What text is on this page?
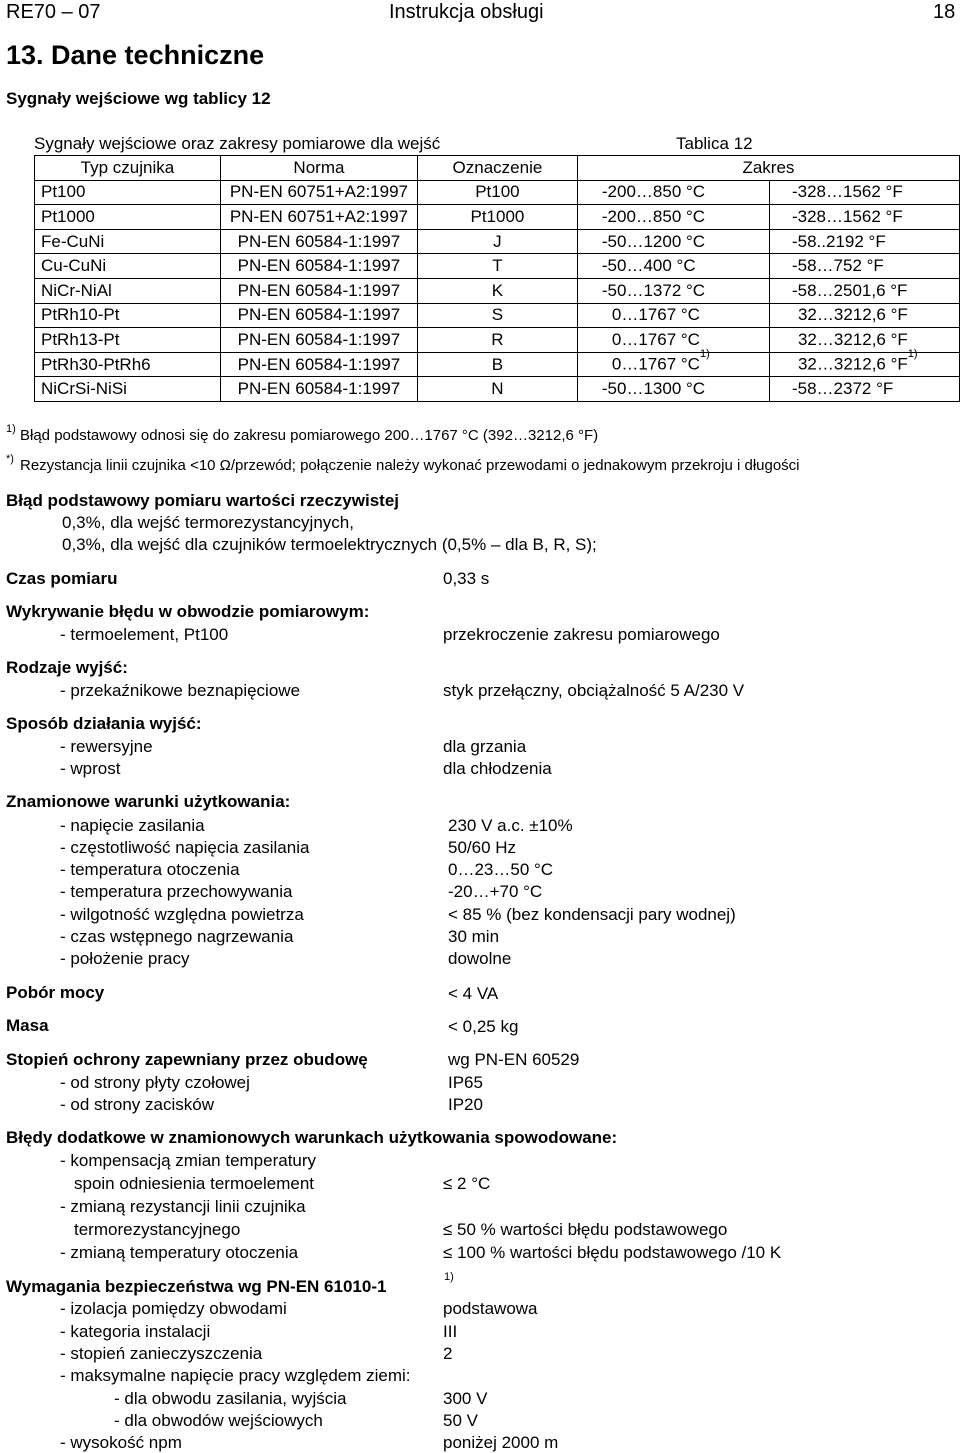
RE70 – 07	Instrukcja obsługi	18
13. Dane techniczne
Sygnały wejściowe wg tablicy 12
Sygnały wejściowe oraz zakresy pomiarowe dla wejść	Tablica 12
Typ czujnika	Norma	Oznaczenie	Zakres	
Pt100	PN-EN 60751+A2:1997	Pt100	-200…850 °C	-328…1562 °F
Pt1000	PN-EN 60751+A2:1997	Pt1000	-200…850 °C	-328…1562 °F
Fe-CuNi	PN-EN 60584-1:1997	J	-50…1200 °C	-58..2192 °F
Cu-CuNi	PN-EN 60584-1:1997	T	-50…400 °C	-58…752 °F
NiCr-NiAl	PN-EN 60584-1:1997	K	-50…1372 °C	-58…2501,6 °F
PtRh10-Pt	PN-EN 60584-1:1997	S	0…1767 °C	32…3212,6 °F
PtRh13-Pt	PN-EN 60584-1:1997	R	0…1767 °C	32…3212,6 °F
PtRh30-PtRh6	PN-EN 60584-1:1997	B	0…1767 $^\circ C^{1)}$	32…3212,6 $^\circ F^{1)}$
NiCrSi-NiSi	PN-EN 60584-1:1997	N	-50…1300 °C	-58…2372 °F
1) Błąd podstawowy odnosi się do zakresu pomiarowego 200…1767 °C (392…3212,6 °F)
*) Rezystancja linii czujnika <10 Ω/przewód; połączenie należy wykonać przewodami o jednakowym przekroju i długości
Błąd podstawowy pomiaru wartości rzeczywistej
0,3%, dla wejść termorezystancyjnych,
0,3%, dla wejść dla czujników termoelektrycznych (0,5% – dla B, R, S);
Czas pomiaru	0,33 s
Wykrywanie błędu w obwodzie pomiarowym:
- termoelement, Pt100	przekroczenie zakresu pomiarowego
Rodzaje wyjść:
- przekaźnikowe beznapięciowe	styk przełączny, obciążalność 5 A/230 V
Sposób działania wyjść:
- rewersyjne	dla grzania
- wprost	dla chłodzenia
Znamionowe warunki użytkowania:
- napięcie zasilania	230 V a.c. ±10%
- częstotliwość napięcia zasilania	50/60 Hz
- temperatura otoczenia	0…23…50 °C
- temperatura przechowywania	-20…+70 °C
- wilgotność względna powietrza	< 85 % (bez kondensacji pary wodnej)
- czas wstępnego nagrzewania	30 min
- położenie pracy	dowolne
Pobór mocy	< 4 VA
Masa	< 0,25 kg
Stopień ochrony zapewniany przez obudowę	wg PN-EN 60529
- od strony płyty czołowej	IP65
- od strony zacisków	IP20
Błędy dodatkowe w znamionowych warunkach użytkowania spowodowane:
- kompensacją zmian temperatury
spoin odniesienia termoelement	≤ 2 °C
- zmianą rezystancji linii czujnika
termorezystancyjnego	≤ 50 % wartości błędu podstawowego
- zmianą temperatury otoczenia	≤ 100 % wartości błędu podstawowego /10 K
Wymagania bezpieczeństwa wg PN-EN 61010-1	1)
- izolacja pomiędzy obwodami	podstawowa
- kategoria instalacji	III
- stopień zanieczyszczenia	2
- maksymalne napięcie pracy względem ziemi:
- dla obwodu zasilania, wyjścia	300 V
- dla obwodów wejściowych	50 V
- wysokość npm	poniżej 2000 m
